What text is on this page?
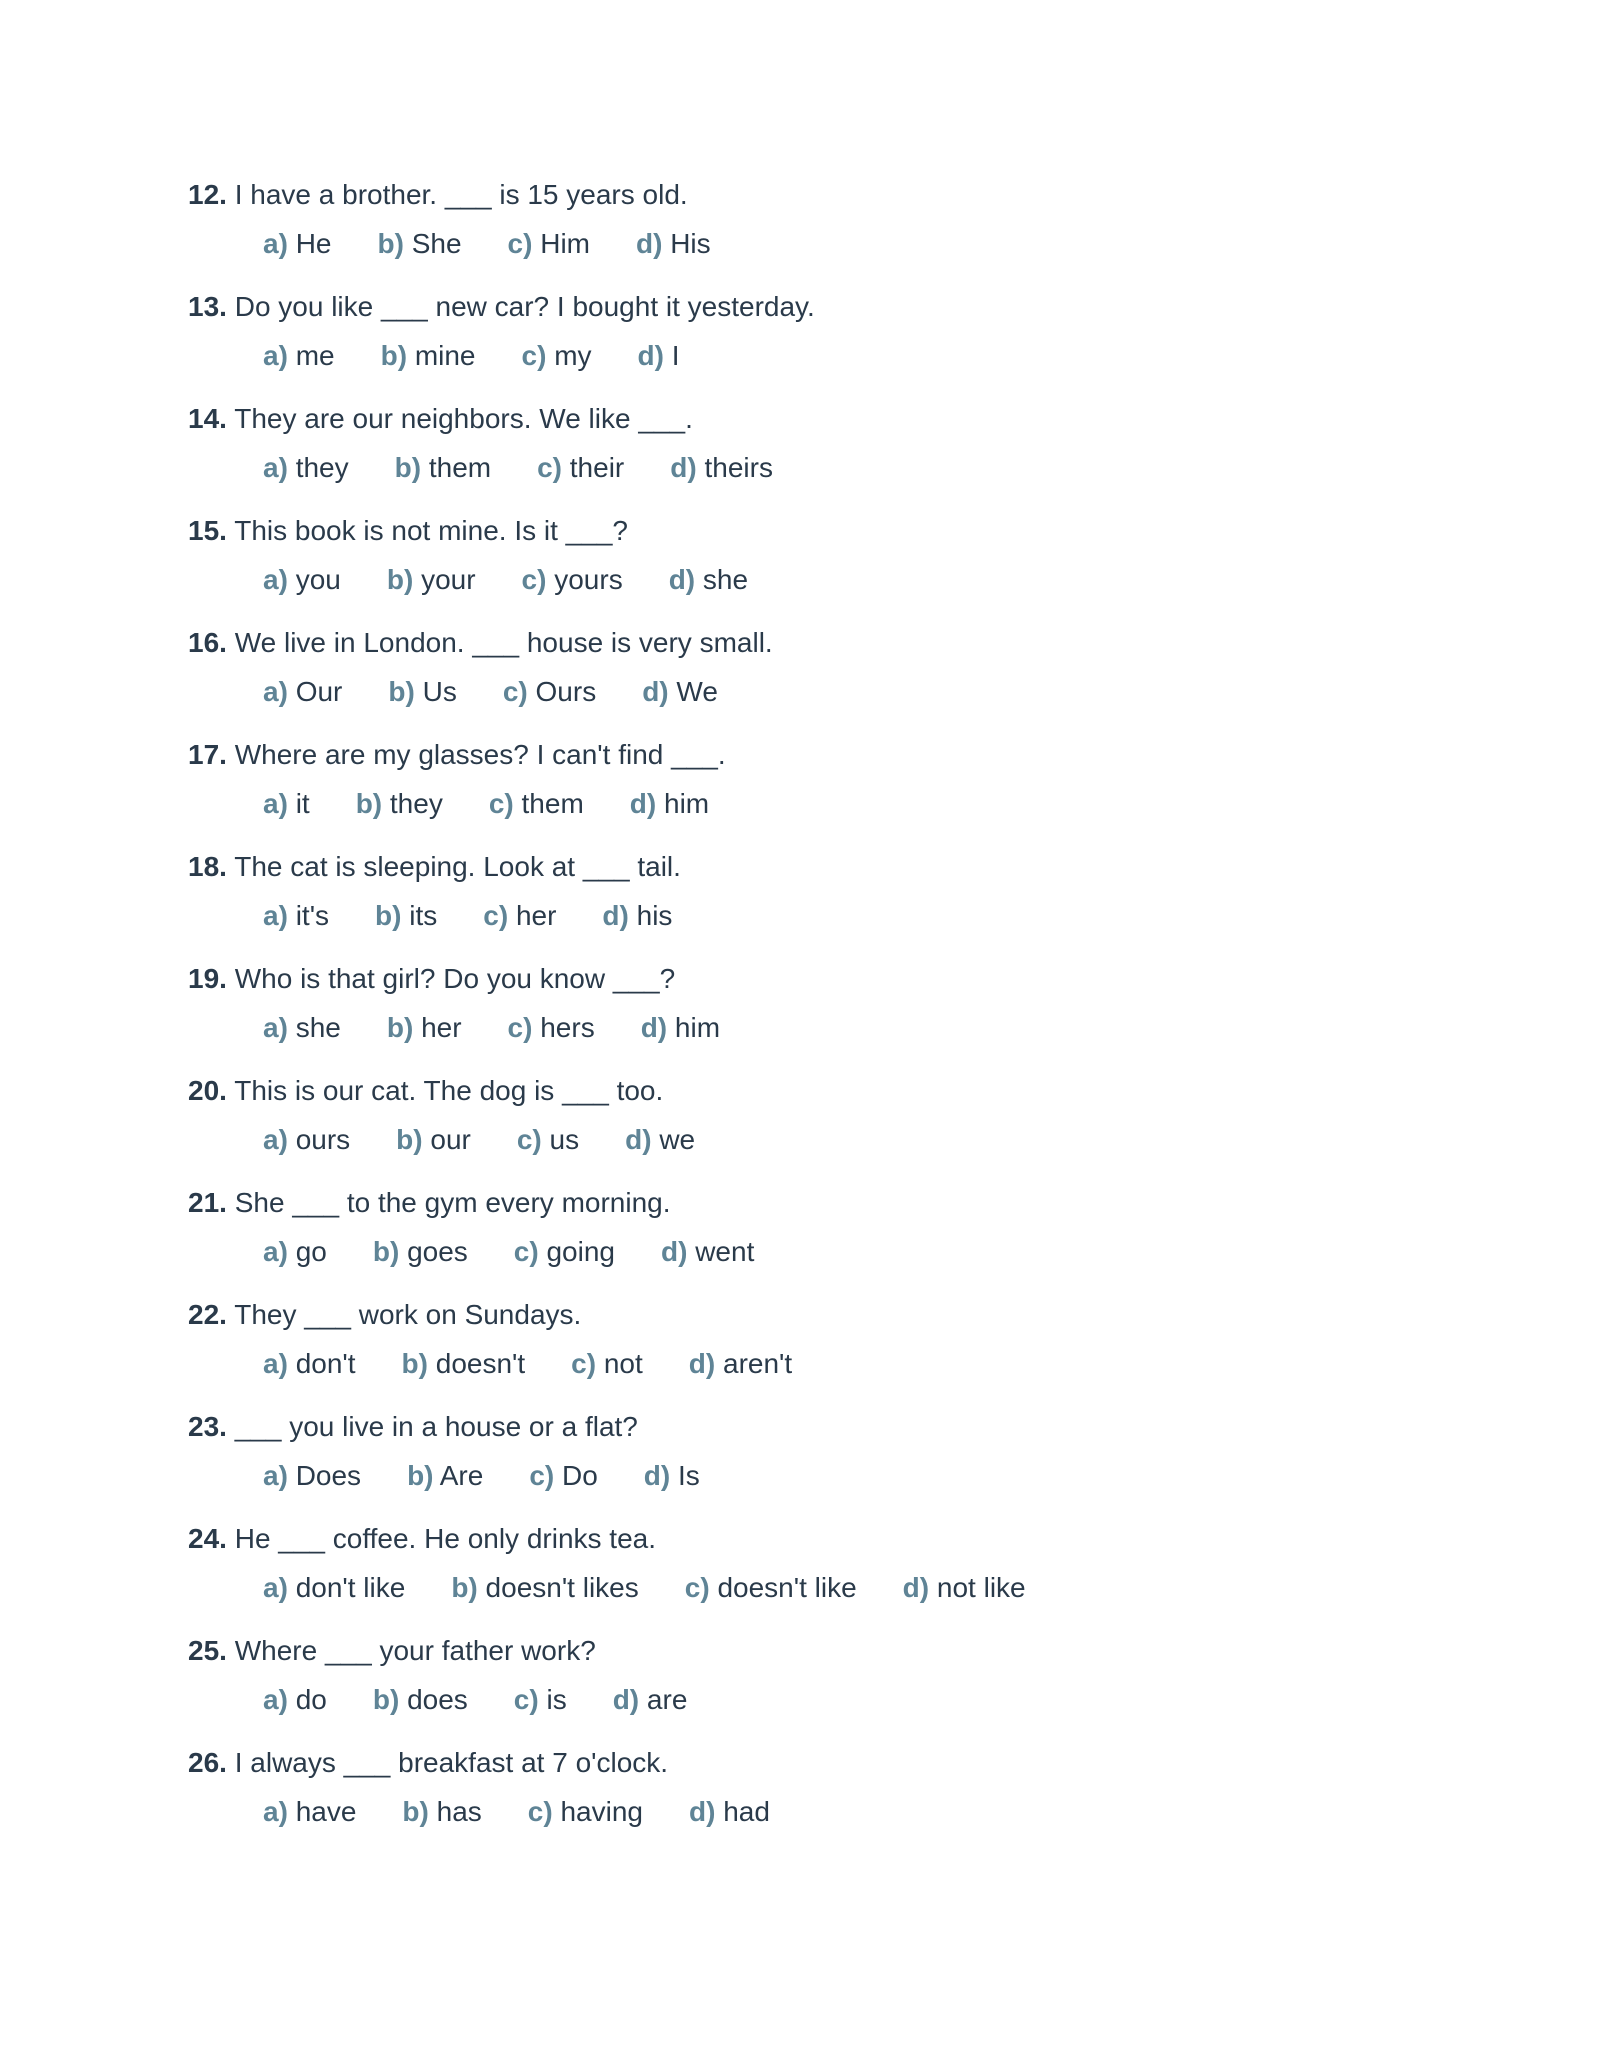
12. I have a brother. ___ is 15 years old.
a) He b) She c) Him d) His
13. Do you like ___ new car? I bought it yesterday.
a) me b) mine c) my d) I
14. They are our neighbors. We like ___.
a) they b) them c) their d) theirs
15. This book is not mine. Is it ___?
a) you b) your c) yours d) she
16. We live in London. ___ house is very small.
a) Our b) Us c) Ours d) We
17. Where are my glasses? I can't find ___.
a) it b) they c) them d) him
18. The cat is sleeping. Look at ___ tail.
a) it's b) its c) her d) his
19. Who is that girl? Do you know ___?
a) she b) her c) hers d) him
20. This is our cat. The dog is ___ too.
a) ours b) our c) us d) we
21. She ___ to the gym every morning.
a) go b) goes c) going d) went
22. They ___ work on Sundays.
a) don't b) doesn't c) not d) aren't
23. ___ you live in a house or a flat?
a) Does b) Are c) Do d) Is
24. He ___ coffee. He only drinks tea.
a) don't like b) doesn't likes c) doesn't like d) not like
25. Where ___ your father work?
a) do b) does c) is d) are
26. I always ___ breakfast at 7 o'clock.
a) have b) has c) having d) had
